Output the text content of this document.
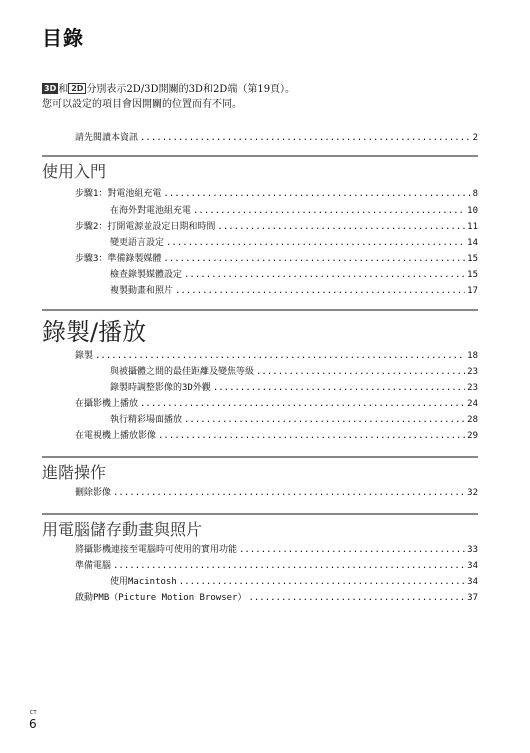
目錄
3D 和 2D 分別表示2D/3D開關的3D和2D端（第19頁）。
您可以設定的項目會因開關的位置而有不同。
請先閱讀本資訊 .....	2
使用入門
步驟1：對電池組充電 .....	8
在海外對電池組充電 .....	10
步驟2：打開電源並設定日期和時間 .....	11
變更語言設定 .....	14
步驟3：準備錄製媒體 .....	15
檢查錄製媒體設定 .....	15
複製動畫和照片 .....	17
錄製/播放
錄製 .....	18
與被攝體之間的最佳距離及變焦等級 .....	23
錄製時調整影像的3D外觀 .....	23
在攝影機上播放 .....	24
執行精彩場面播放 .....	28
在電視機上播放影像 .....	29
進階操作
刪除影像 .....	32
用電腦儲存動畫與照片
將攝影機連接至電腦時可使用的實用功能 .....	33
準備電腦 .....	34
使用Macintosh .....	34
啟動PMB（Picture Motion Browser） .....	37
CT
6
